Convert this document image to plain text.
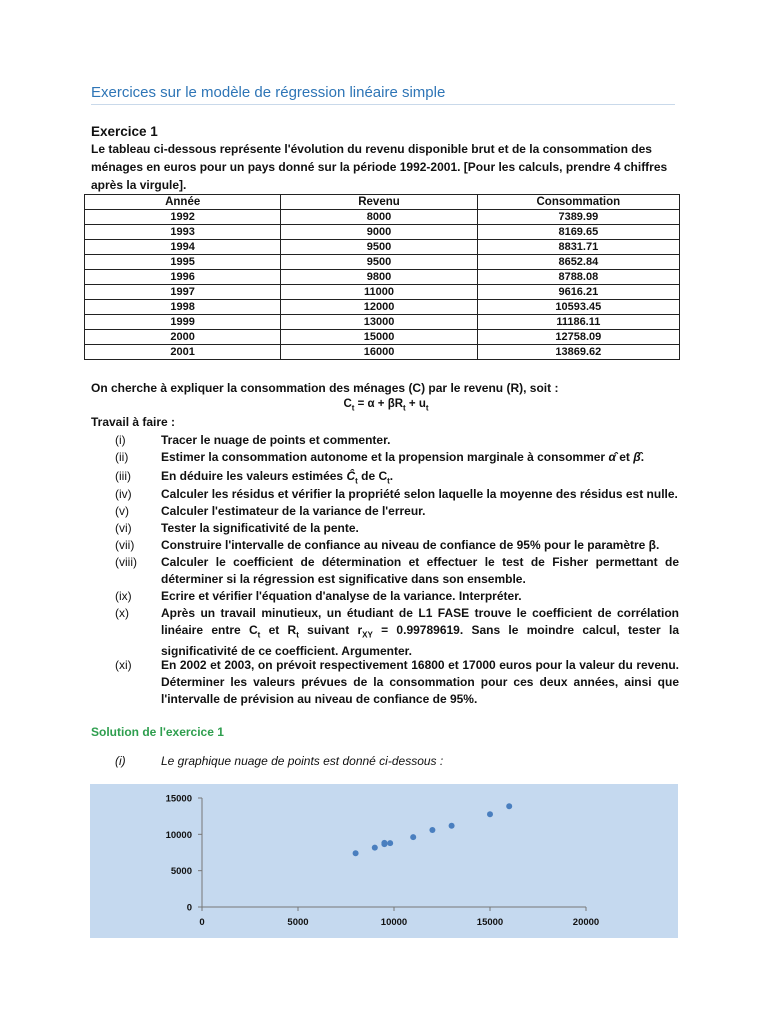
Exercices sur le modèle de régression linéaire simple
Exercice 1

Le tableau ci-dessous représente l'évolution du revenu disponible brut et de la consommation des ménages en euros pour un pays donné sur la période 1992-2001. [Pour les calculs, prendre 4 chiffres après la virgule].

Année	Revenu	Consommation
1992	8000	7389.99
1993	9000	8169.65
1994	9500	8831.71
1995	9500	8652.84
1996	9800	8788.08
1997	11000	9616.21
1998	12000	10593.45
1999	13000	11186.11
2000	15000	12758.09
2001	16000	13869.62

On cherche à expliquer la consommation des ménages (C) par le revenu (R), soit :

$C_t = \alpha + \beta R_t + u_t$
Travail à faire :
(i)	Tracer le nuage de points et commenter.
(ii)	Estimer la consommation autonome et la propension marginale à consommer α̂ et β̂.
(iii)	En déduire les valeurs estimées $Ĉ_t$ de $C_t$.
(iv) Calculer les résidus et vérifier la propriété selon laquelle la moyenne des résidus est nulle.
(v)	Calculer l'estimateur de la variance de l'erreur.
(vi) Tester la significativité de la pente.
(vii) Construire l'intervalle de confiance au niveau de confiance de 95% pour le paramètre β.
(viii) Calculer le coefficient de détermination et effectuer le test de Fisher permettant de déterminer si la régression est significative dans son ensemble.
(ix) Ecrire et vérifier l'équation d'analyse de la variance. Interpréter.
(x)	Après un travail minutieux, un étudiant de L1 FASE trouve le coefficient de corrélation linéaire entre $C_t$ et $R_t$ suivant $r_{XY} = 0.99789619$. Sans le moindre calcul, tester la significativité de ce coefficient. Argumenter.
(xi) En 2002 et 2003, on prévoit respectivement 16800 et 17000 euros pour la valeur du revenu. Déterminer les valeurs prévues de la consommation pour ces deux années, ainsi que l'intervalle de prévision au niveau de confiance de 95%.
Solution de l'exercice 1
(i)	Le graphique nuage de points est donné ci-dessous :
0
5000
10000
15000
0	5000	10000	15000	20000
